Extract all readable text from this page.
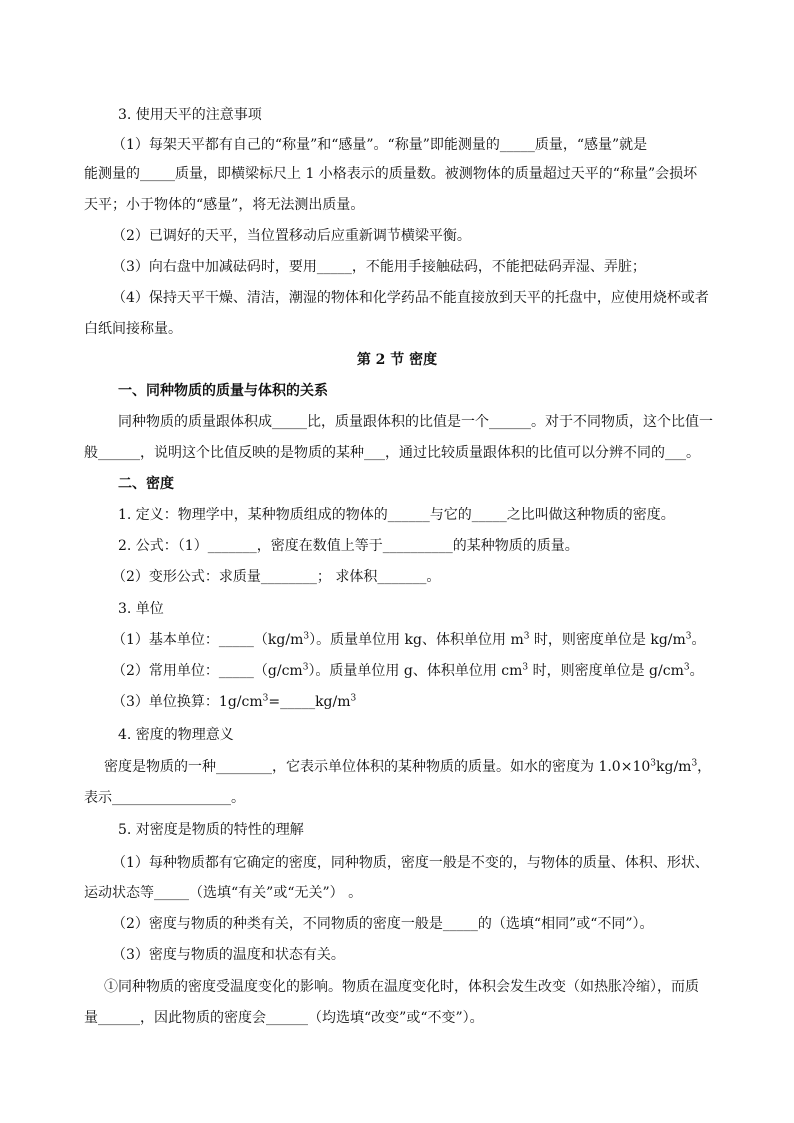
3. 使用天平的注意事项
（1）每架天平都有自己的“称量”和“感量”。“称量”即能测量的_____质量，“感量”就是
能测量的_____质量，即横梁标尺上 1 小格表示的质量数。被测物体的质量超过天平的“称量”会损坏
天平；小于物体的“感量”，将无法测出质量。
（2）已调好的天平，当位置移动后应重新调节横梁平衡。
（3）向右盘中加减砝码时，要用_____，不能用手接触砝码，不能把砝码弄湿、弄脏；
（4）保持天平干燥、清洁，潮湿的物体和化学药品不能直接放到天平的托盘中，应使用烧杯或者
白纸间接称量。
第 2 节 密度
一、同种物质的质量与体积的关系
同种物质的质量跟体积成_____比，质量跟体积的比值是一个______。对于不同物质，这个比值一
般______，说明这个比值反映的是物质的某种___，通过比较质量跟体积的比值可以分辨不同的___。
二、密度
1. 定义：物理学中，某种物质组成的物体的______与它的_____之比叫做这种物质的密度。
2. 公式：（1）_______，密度在数值上等于__________的某种物质的质量。
（2）变形公式：求质量________； 求体积_______。
3. 单位
（1）基本单位：$\_\_\_\_\_(kg/m^3)$。质量单位用 kg、体积单位用 $m^3$ 时，则密度单位是 $kg/m^3$。
（2）常用单位：$\_\_\_\_\_(g/cm^3)$。质量单位用 g、体积单位用 $cm^3$ 时，则密度单位是 $g/cm^3$。
（3）单位换算：$1g/cm^3=\_\_\_\_\_kg/m^3$
4. 密度的物理意义
密度是物质的一种________，它表示单位体积的某种物质的质量。如水的密度为 $1.0\times 10^3kg/m^3$，
表示_________________。
5. 对密度是物质的特性的理解
（1）每种物质都有它确定的密度，同种物质，密度一般是不变的，与物体的质量、体积、形状、
运动状态等_____（选填“有关”或“无关”） 。
（2）密度与物质的种类有关，不同物质的密度一般是_____的（选填“相同”或“不同”）。
（3）密度与物质的温度和状态有关。
①同种物质的密度受温度变化的影响。物质在温度变化时，体积会发生改变（如热胀冷缩），而质
量______，因此物质的密度会______（均选填“改变”或“不变”）。
